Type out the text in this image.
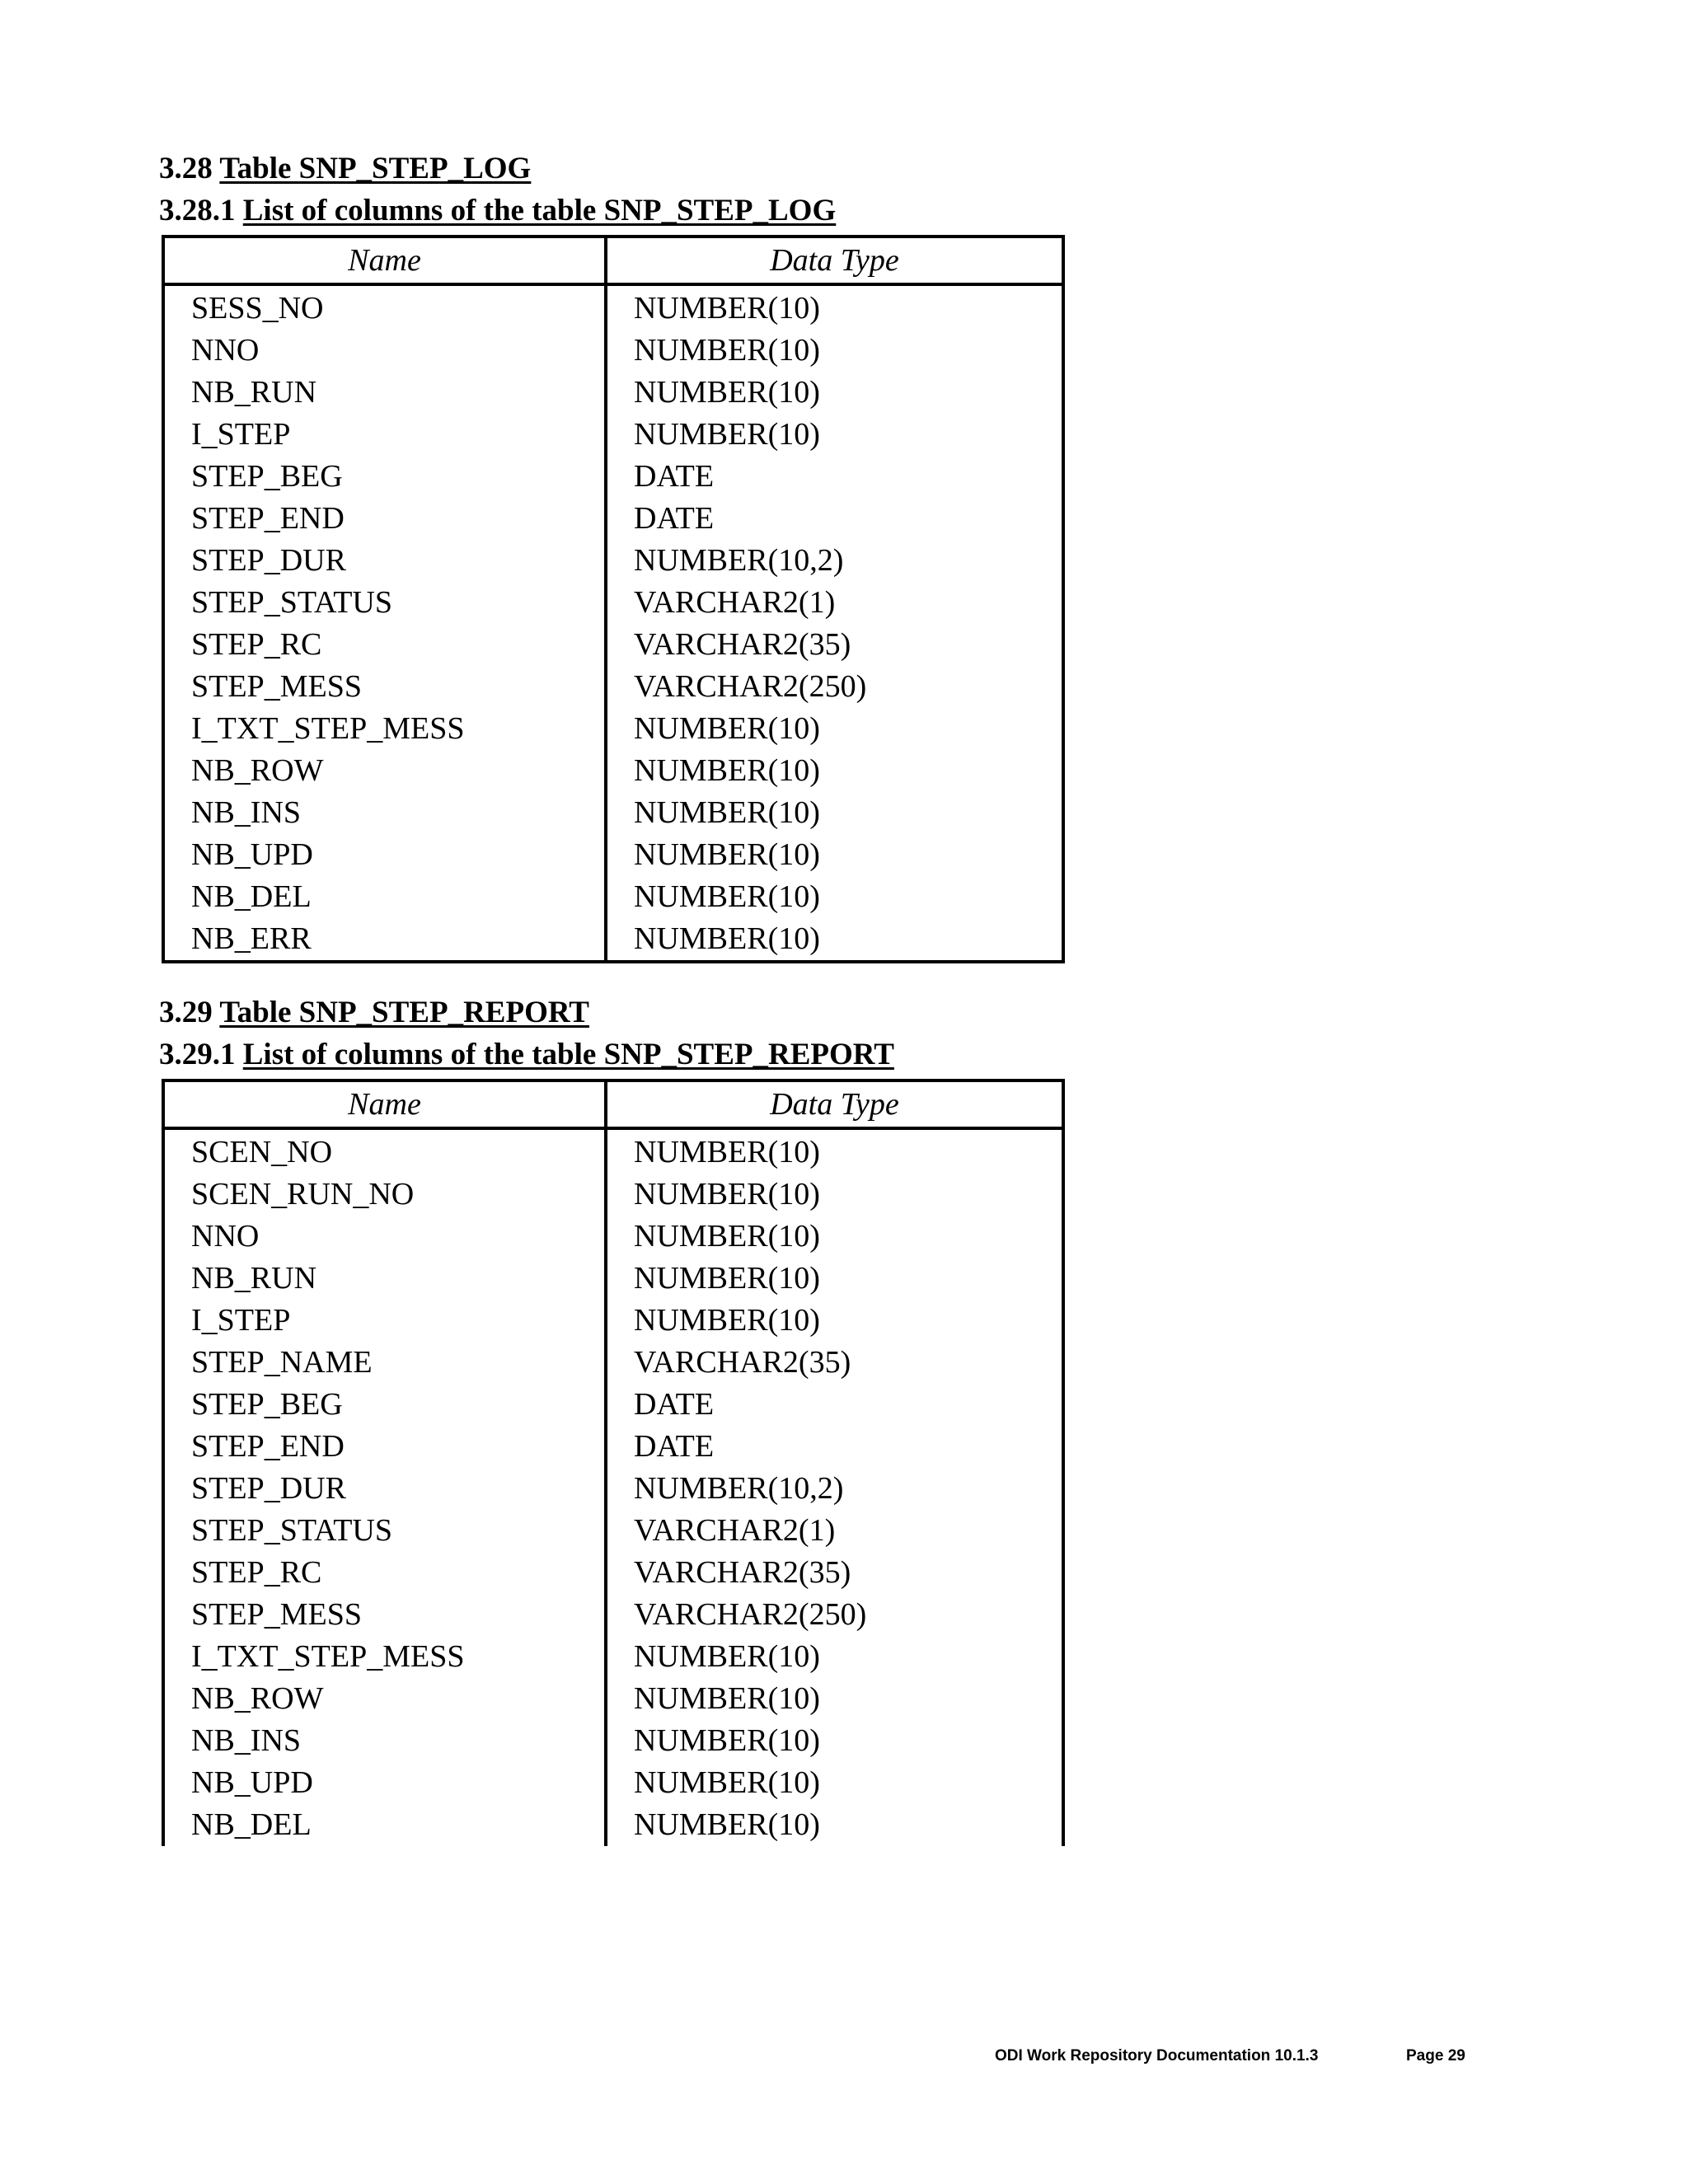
3.28 Table SNP_STEP_LOG
3.28.1 List of columns of the table SNP_STEP_LOG
Name	Data Type
SESS_NO	NUMBER(10)
NNO	NUMBER(10)
NB_RUN	NUMBER(10)
I_STEP	NUMBER(10)
STEP_BEG	DATE
STEP_END	DATE
STEP_DUR	NUMBER(10,2)
STEP_STATUS	VARCHAR2(1)
STEP_RC	VARCHAR2(35)
STEP_MESS	VARCHAR2(250)
I_TXT_STEP_MESS	NUMBER(10)
NB_ROW	NUMBER(10)
NB_INS	NUMBER(10)
NB_UPD	NUMBER(10)
NB_DEL	NUMBER(10)
NB_ERR	NUMBER(10)
3.29 Table SNP_STEP_REPORT
3.29.1 List of columns of the table SNP_STEP_REPORT
Name	Data Type
SCEN_NO	NUMBER(10)
SCEN_RUN_NO	NUMBER(10)
NNO	NUMBER(10)
NB_RUN	NUMBER(10)
I_STEP	NUMBER(10)
STEP_NAME	VARCHAR2(35)
STEP_BEG	DATE
STEP_END	DATE
STEP_DUR	NUMBER(10,2)
STEP_STATUS	VARCHAR2(1)
STEP_RC	VARCHAR2(35)
STEP_MESS	VARCHAR2(250)
I_TXT_STEP_MESS	NUMBER(10)
NB_ROW	NUMBER(10)
NB_INS	NUMBER(10)
NB_UPD	NUMBER(10)
NB_DEL	NUMBER(10)
ODI Work Repository Documentation 10.1.3	Page 29
